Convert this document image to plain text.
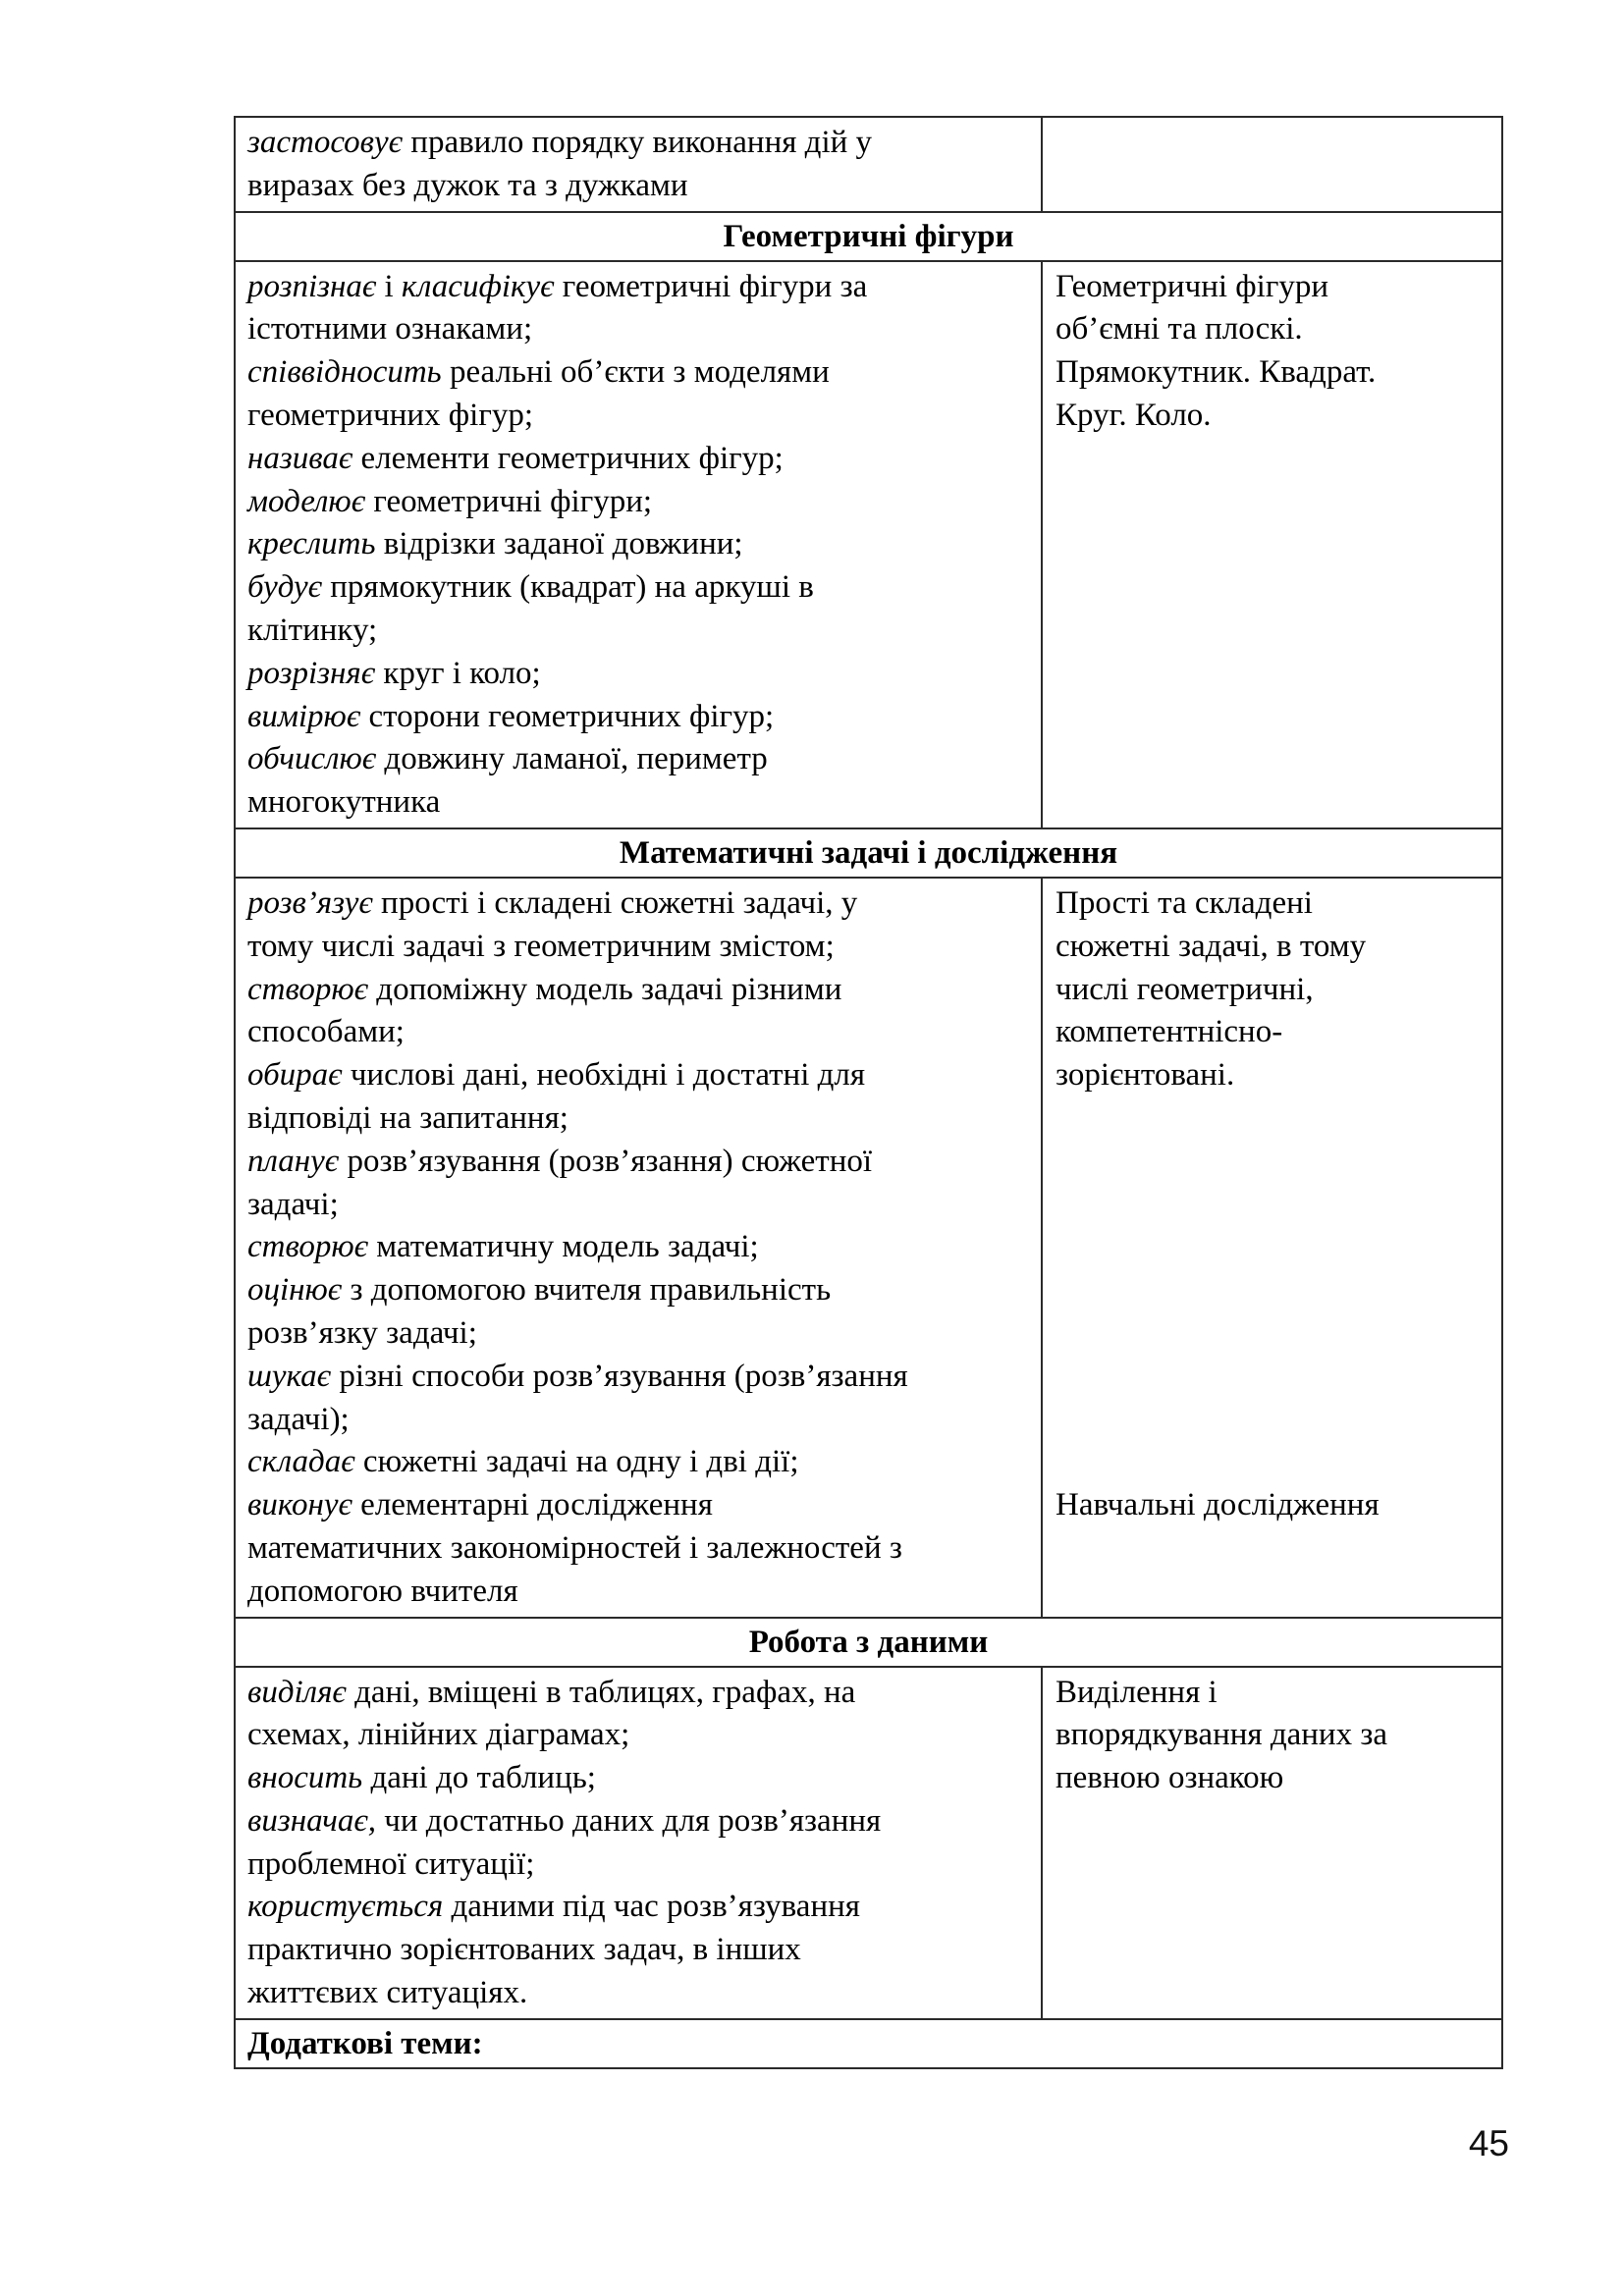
застосовує правило порядку виконання дій у
виразах без дужок та з дужками
Геометричні фігури
розпізнає і класифікує геометричні фігури за
істотними ознаками;
співвідносить реальні об’єкти з моделями
геометричних фігур;
називає елементи геометричних фігур;
моделює геометричні фігури;
креслить відрізки заданої довжини;
будує прямокутник (квадрат) на аркуші в
клітинку;
розрізняє круг і коло;
вимірює сторони геометричних фігур;
обчислює довжину ламаної, периметр
многокутника
Геометричні фігури
об’ємні та плоскі.
Прямокутник. Квадрат.
Круг. Коло.
Математичні задачі і дослідження
розв’язує прості і складені сюжетні задачі, у
тому числі задачі з геометричним змістом;
створює допоміжну модель задачі різними
способами;
обирає числові дані, необхідні і достатні для
відповіді на запитання;
планує розв’язування (розв’язання) сюжетної
задачі;
створює математичну модель задачі;
оцінює з допомогою вчителя правильність
розв’язку задачі;
шукає різні способи розв’язування (розв’язання
задачі);
складає сюжетні задачі на одну і дві дії;
виконує елементарні дослідження
математичних закономірностей і залежностей з
допомогою вчителя
Прості та складені
сюжетні задачі, в тому
числі геометричні,
компетентнісно-
зорієнтовані.

Навчальні дослідження
Робота з даними
виділяє дані, вміщені в таблицях, графах, на
схемах, лінійних діаграмах;
вносить дані до таблиць;
визначає, чи достатньо даних для розв’язання
проблемної ситуації;
користується даними під час розв’язування
практично зорієнтованих задач, в інших
життєвих ситуаціях.
Виділення і
впорядкування даних за
певною ознакою
Додаткові теми:
45
